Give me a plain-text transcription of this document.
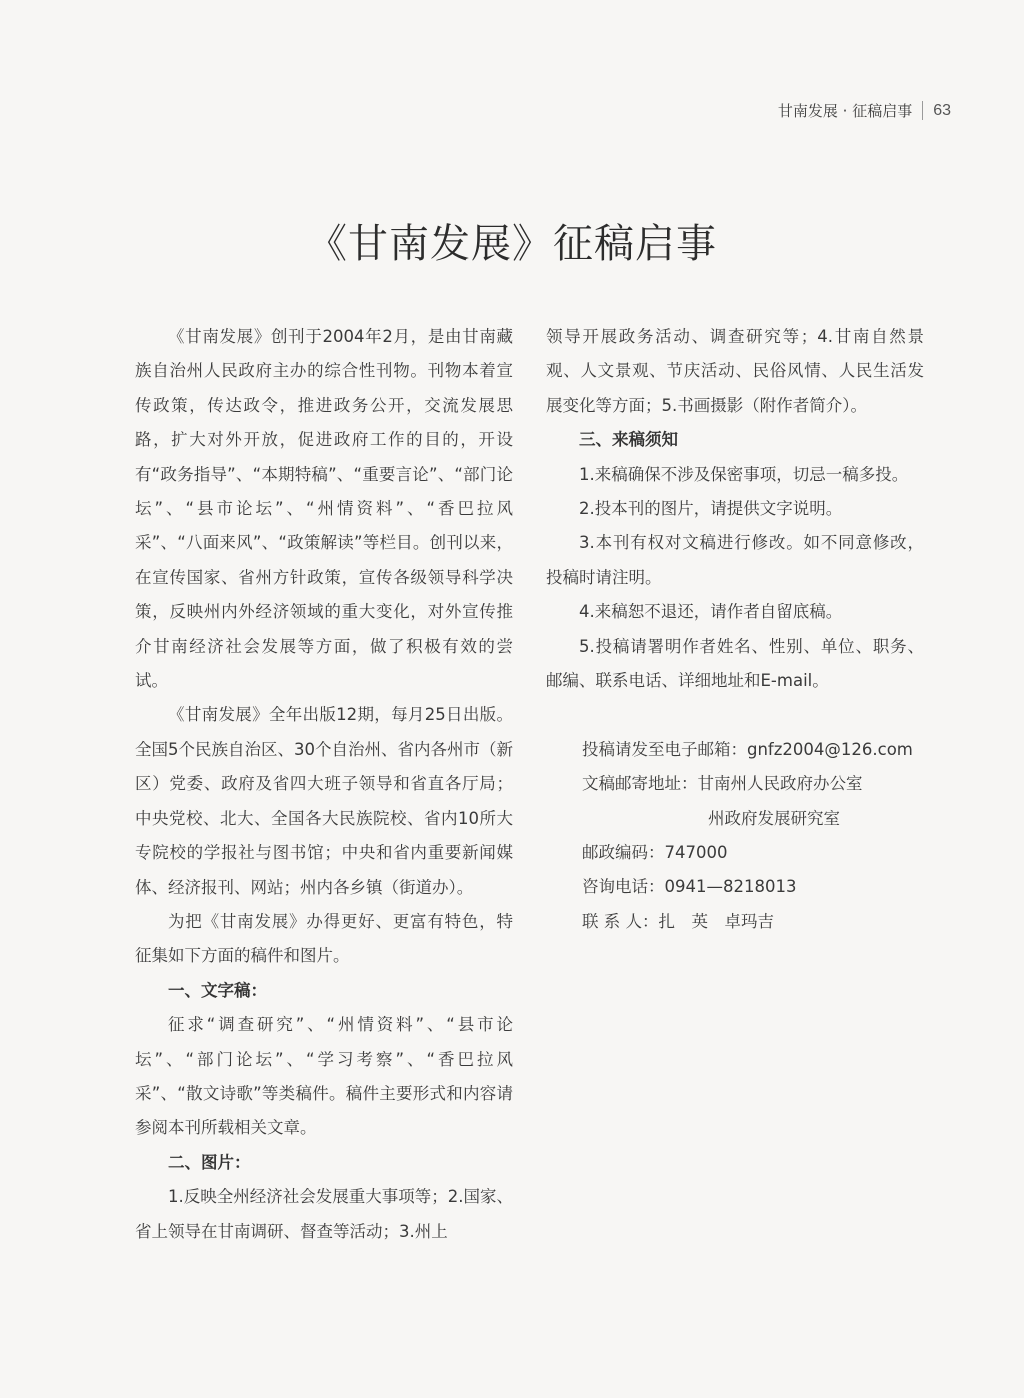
甘南发展 · 征稿启事 63
《甘南发展》征稿启事

《甘南发展》创刊于2004年2月，是由甘南藏族自治州人民政府主办的综合性刊物。刊物本着宣传政策，传达政令，推进政务公开，交流发展思路，扩大对外开放，促进政府工作的目的，开设有“政务指导”、“本期特稿”、“重要言论”、“部门论坛”、“县市论坛”、“州情资料”、“香巴拉风采”、“八面来风”、“政策解读”等栏目。创刊以来，在宣传国家、省州方针政策，宣传各级领导科学决策，反映州内外经济领域的重大变化，对外宣传推介甘南经济社会发展等方面，做了积极有效的尝试。

《甘南发展》全年出版12期，每月25日出版。全国5个民族自治区、30个自治州、省内各州市（新区）党委、政府及省四大班子领导和省直各厅局；中央党校、北大、全国各大民族院校、省内10所大专院校的学报社与图书馆；中央和省内重要新闻媒体、经济报刊、网站；州内各乡镇（街道办）。

为把《甘南发展》办得更好、更富有特色，特征集如下方面的稿件和图片。

一、文字稿：

征求“调查研究”、“州情资料”、“县市论坛”、“部门论坛”、“学习考察”、“香巴拉风采”、“散文诗歌”等类稿件。稿件主要形式和内容请参阅本刊所载相关文章。

二、图片：

1.反映全州经济社会发展重大事项等；2.国家、省上领导在甘南调研、督查等活动；3.州上

领导开展政务活动、调查研究等；4.甘南自然景观、人文景观、节庆活动、民俗风情、人民生活发展变化等方面；5.书画摄影（附作者简介）。

三、来稿须知

1.来稿确保不涉及保密事项，切忌一稿多投。

2.投本刊的图片，请提供文字说明。

3.本刊有权对文稿进行修改。如不同意修改，投稿时请注明。

4.来稿恕不退还，请作者自留底稿。

5.投稿请署明作者姓名、性别、单位、职务、邮编、联系电话、详细地址和E-mail。

投稿请发至电子邮箱： gnfz2004@126.com
文稿邮寄地址： 甘南州人民政府办公室
州政府发展研究室
邮政编码： 747000
咨询电话： 0941—8218013
联 系 人： 扎　英　卓玛吉
